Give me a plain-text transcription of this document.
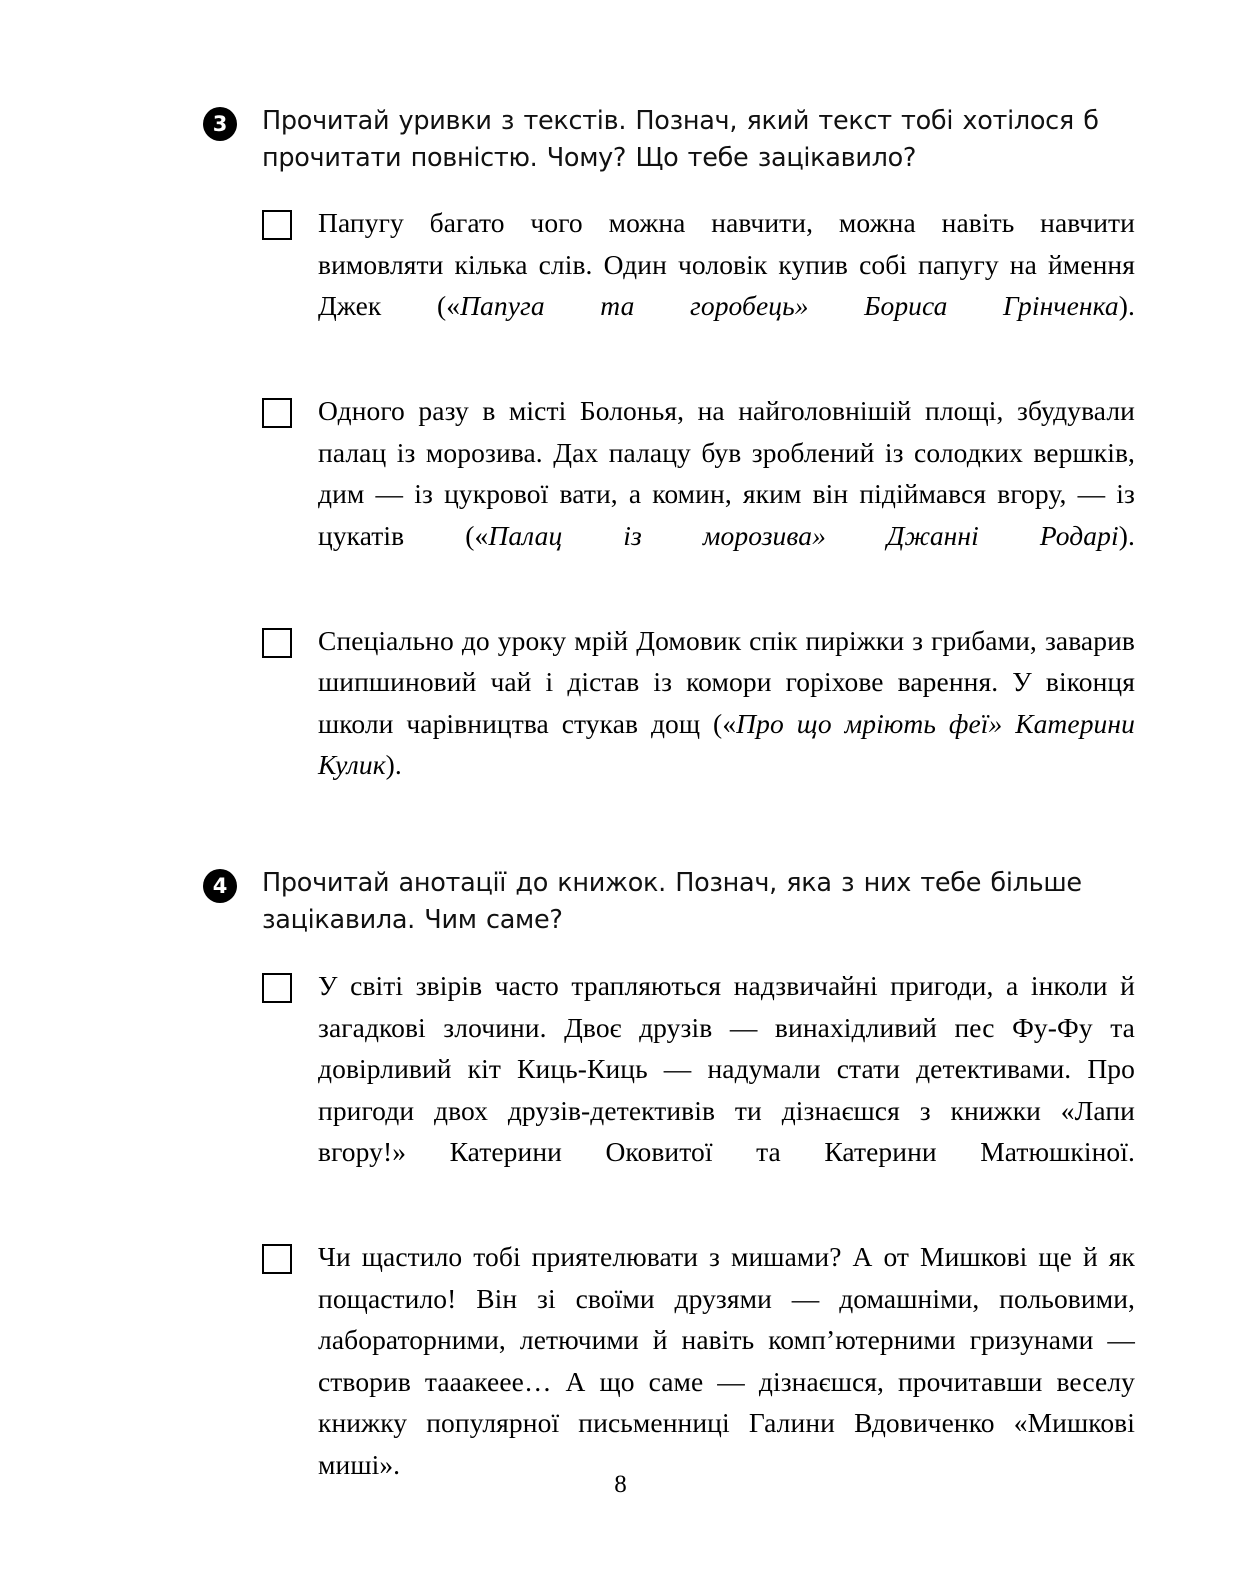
3	Прочитай уривки з текстів. Познач, який текст тобі хотілося б прочитати повністю. Чому? Що тебе зацікавило?

Папугу багато чого можна навчити, можна навіть навчити вимовляти кілька слів. Один чоловік купив собі папугу на ймення Джек («Папуга та горобець» Бориса Грінченка).

Одного разу в місті Болонья, на найголовнішій площі, збудували палац із морозива. Дах палацу був зроблений із солодких вершків, дим — із цукрової вати, а комин, яким він підіймався вгору, — із цукатів («Палац із морозива» Джанні Родарі).

Спеціально до уроку мрій Домовик спік пиріжки з грибами, заварив шипшиновий чай і дістав із комори горіхове варення. У віконця школи чарівництва стукав дощ («Про що мріють феї» Катерини Кулик).

4	Прочитай анотації до книжок. Познач, яка з них тебе більше зацікавила. Чим саме?

У світі звірів часто трапляються надзвичайні пригоди, а інколи й загадкові злочини. Двоє друзів — винахідливий пес Фу-Фу та довірливий кіт Киць-Киць — надумали стати детективами. Про пригоди двох друзів-детективів ти дізнаєшся з книжки «Лапи вгору!» Катерини Оковитої та Катерини Матюшкіної.

Чи щастило тобі приятелювати з мишами? А от Мишкові ще й як пощастило! Він зі своїми друзями — домашніми, польовими, лабораторними, летючими й навіть комп’ютерними гризунами — створив тааакеее… А що саме — дізнаєшся, прочитавши веселу книжку популярної письменниці Галини Вдовиченко «Мишкові миші».

8
